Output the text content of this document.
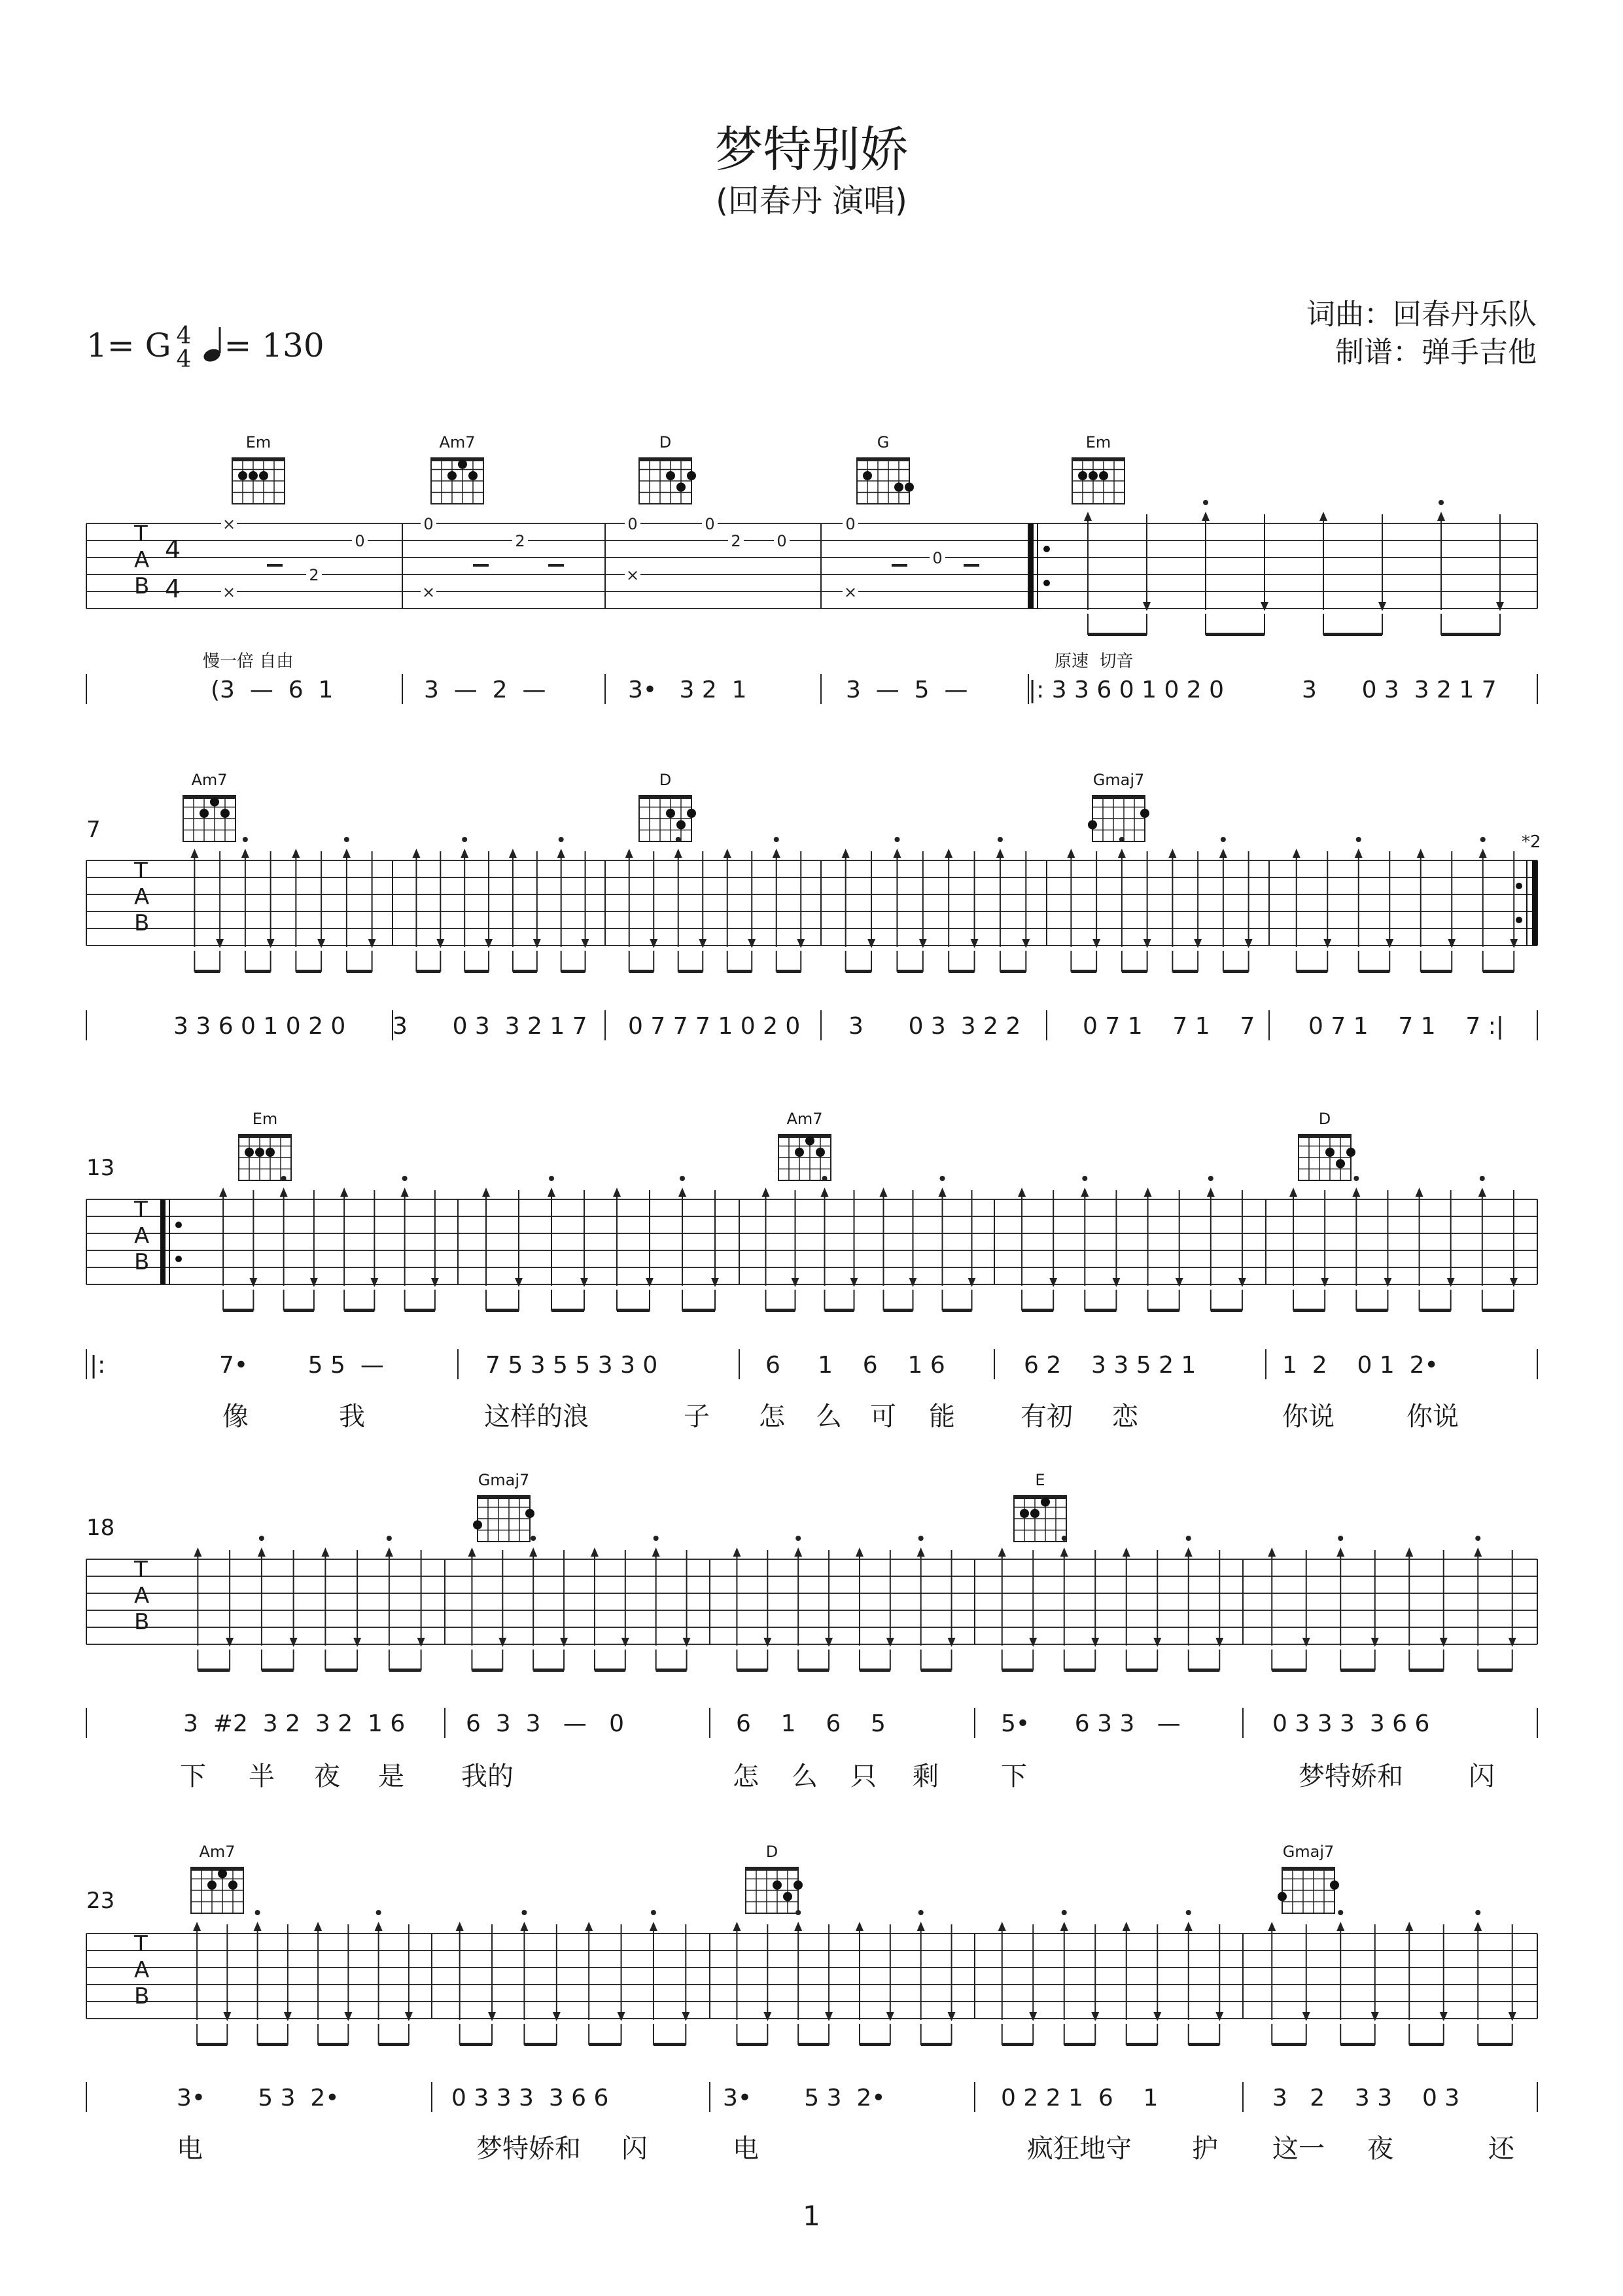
梦特别娇
(回春丹 演唱)
词曲：回春丹乐队
制谱：弹手吉他
1= G 4
4 = 130
×
×
2
0
0
×
2
0
×
0
2 0
0
×
0
慢一倍 自由	原速  切音
(3  —  6  1	3  —  2  —	3•   3 2  1	3  —  5  —	|: 3 3 6 0 1 0 2 0	3      0 3  3 2 1 7
7	*2
3 3 6 0 1 0 2 0 3      0 3  3 2 1 7 0 7 7 7 1 0 2 0 3      0 3  3 2 2	0 7 1    7 1    7 0 7 1    7 1    7 :|
13
|:	7•        5 5  —	7 5 3 5 5 3 3 0	6     1    6    1 6	6 2    3 3 5 2 1	1  2    0 1  2•
像	我	这样的浪	子 怎 么 可 能	有初 恋	你说	你说
18
3  #2  3 2  3 2  1 6	6  3  3   —   0	6    1    6    5	5•      6 3 3   —	0 3 3 3  3 6 6
下 半 夜 是 我的	怎 么 只 剩 下	梦特娇和	闪
23
3•       5 3  2•	0 3 3 3  3 6 6	3•       5 3  2•	0 2 2 1  6    1	3   2    3 3    0 3
电	梦特娇和 闪	电	疯狂地守 护 这一 夜	还
Em	Am7	D	G	Em
Am7	D	Gmaj7
Em	Am7	D
Gmaj7	E
Am7	D	Gmaj7
T
A
B
4
4
T
A
B
T
A
B
T
A
B
T
A
B
1
